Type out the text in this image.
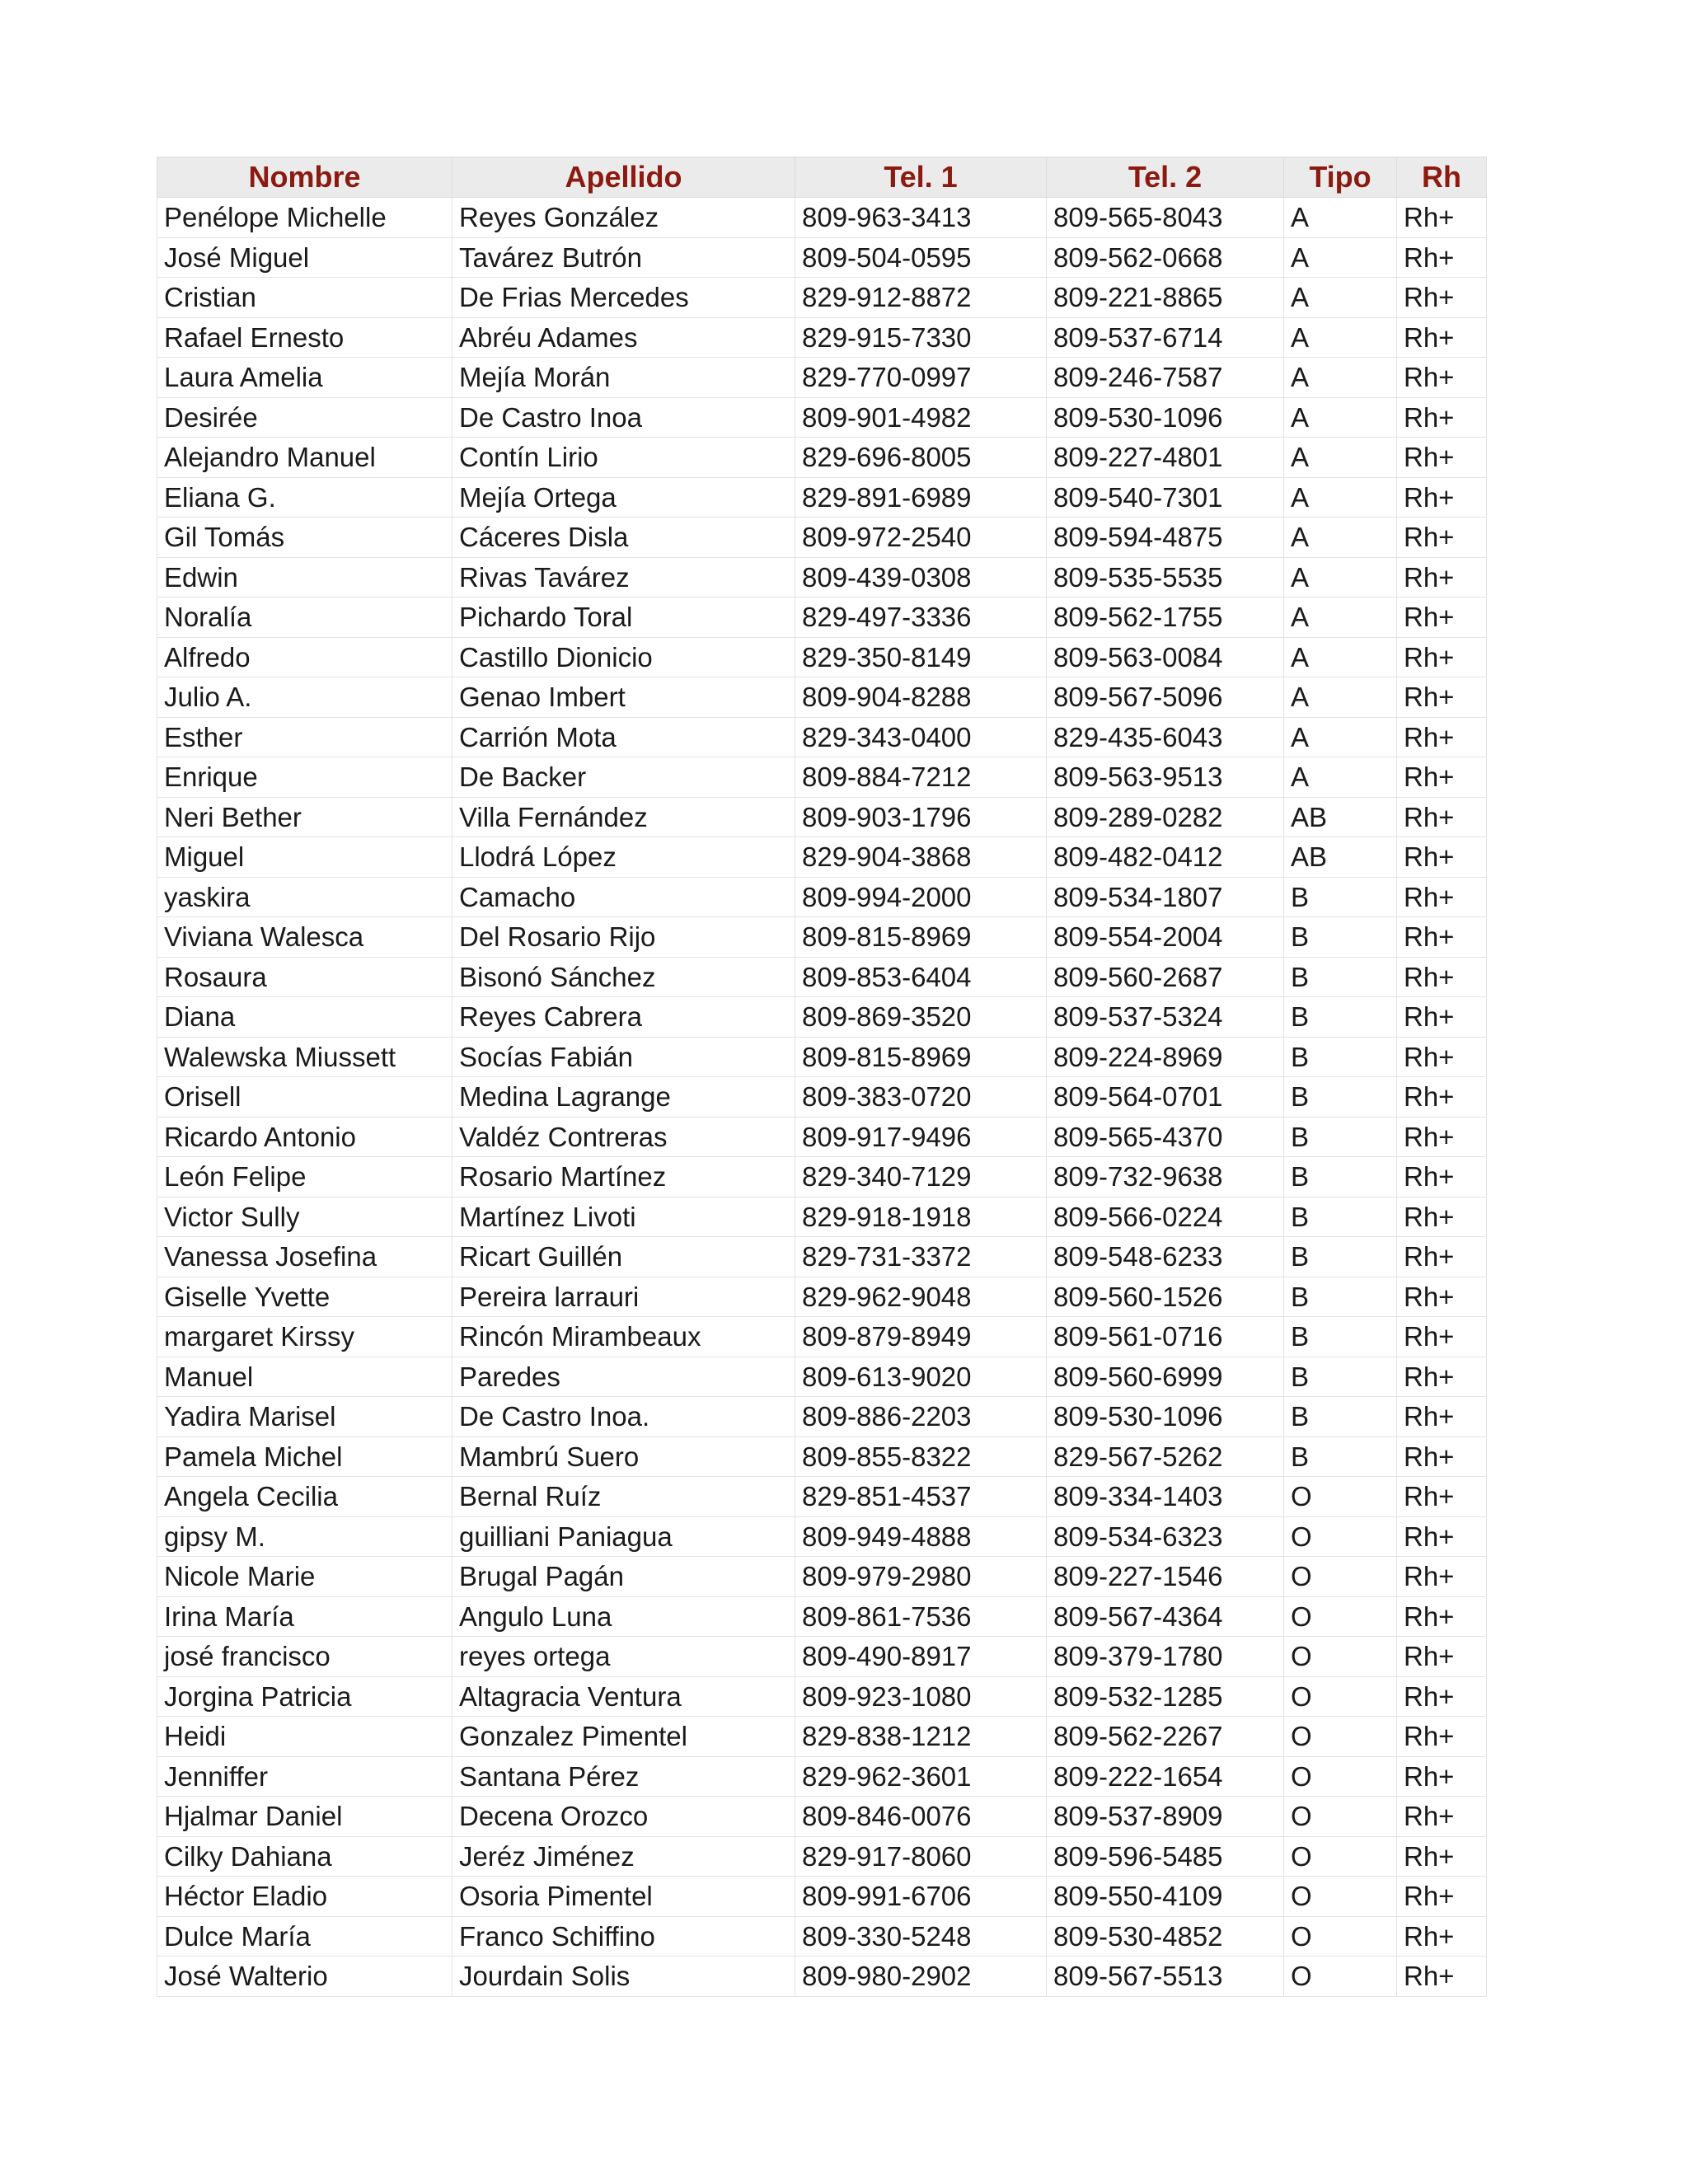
Nombre	Apellido	Tel. 1	Tel. 2	Tipo	Rh
Penélope Michelle	Reyes González	809-963-3413	809-565-8043	A	Rh+
José Miguel	Tavárez Butrón	809-504-0595	809-562-0668	A	Rh+
Cristian	De Frias Mercedes	829-912-8872	809-221-8865	A	Rh+
Rafael Ernesto	Abréu Adames	829-915-7330	809-537-6714	A	Rh+
Laura Amelia	Mejía Morán	829-770-0997	809-246-7587	A	Rh+
Desirée	De Castro Inoa	809-901-4982	809-530-1096	A	Rh+
Alejandro Manuel	Contín Lirio	829-696-8005	809-227-4801	A	Rh+
Eliana G.	Mejía Ortega	829-891-6989	809-540-7301	A	Rh+
Gil Tomás	Cáceres Disla	809-972-2540	809-594-4875	A	Rh+
Edwin	Rivas Tavárez	809-439-0308	809-535-5535	A	Rh+
Noralía	Pichardo Toral	829-497-3336	809-562-1755	A	Rh+
Alfredo	Castillo Dionicio	829-350-8149	809-563-0084	A	Rh+
Julio A.	Genao Imbert	809-904-8288	809-567-5096	A	Rh+
Esther	Carrión Mota	829-343-0400	829-435-6043	A	Rh+
Enrique	De Backer	809-884-7212	809-563-9513	A	Rh+
Neri Bether	Villa Fernández	809-903-1796	809-289-0282	AB	Rh+
Miguel	Llodrá López	829-904-3868	809-482-0412	AB	Rh+
yaskira	Camacho	809-994-2000	809-534-1807	B	Rh+
Viviana Walesca	Del Rosario Rijo	809-815-8969	809-554-2004	B	Rh+
Rosaura	Bisonó Sánchez	809-853-6404	809-560-2687	B	Rh+
Diana	Reyes Cabrera	809-869-3520	809-537-5324	B	Rh+
Walewska Miussett	Socías Fabián	809-815-8969	809-224-8969	B	Rh+
Orisell	Medina Lagrange	809-383-0720	809-564-0701	B	Rh+
Ricardo Antonio	Valdéz Contreras	809-917-9496	809-565-4370	B	Rh+
León Felipe	Rosario Martínez	829-340-7129	809-732-9638	B	Rh+
Victor Sully	Martínez Livoti	829-918-1918	809-566-0224	B	Rh+
Vanessa Josefina	Ricart Guillén	829-731-3372	809-548-6233	B	Rh+
Giselle Yvette	Pereira larrauri	829-962-9048	809-560-1526	B	Rh+
margaret Kirssy	Rincón Mirambeaux	809-879-8949	809-561-0716	B	Rh+
Manuel	Paredes	809-613-9020	809-560-6999	B	Rh+
Yadira Marisel	De Castro Inoa.	809-886-2203	809-530-1096	B	Rh+
Pamela Michel	Mambrú Suero	809-855-8322	829-567-5262	B	Rh+
Angela Cecilia	Bernal Ruíz	829-851-4537	809-334-1403	O	Rh+
gipsy M.	guilliani Paniagua	809-949-4888	809-534-6323	O	Rh+
Nicole Marie	Brugal Pagán	809-979-2980	809-227-1546	O	Rh+
Irina María	Angulo Luna	809-861-7536	809-567-4364	O	Rh+
josé francisco	reyes ortega	809-490-8917	809-379-1780	O	Rh+
Jorgina Patricia	Altagracia Ventura	809-923-1080	809-532-1285	O	Rh+
Heidi	Gonzalez Pimentel	829-838-1212	809-562-2267	O	Rh+
Jenniffer	Santana Pérez	829-962-3601	809-222-1654	O	Rh+
Hjalmar Daniel	Decena Orozco	809-846-0076	809-537-8909	O	Rh+
Cilky Dahiana	Jeréz Jiménez	829-917-8060	809-596-5485	O	Rh+
Héctor Eladio	Osoria Pimentel	809-991-6706	809-550-4109	O	Rh+
Dulce María	Franco Schiffino	809-330-5248	809-530-4852	O	Rh+
José Walterio	Jourdain Solis	809-980-2902	809-567-5513	O	Rh+
